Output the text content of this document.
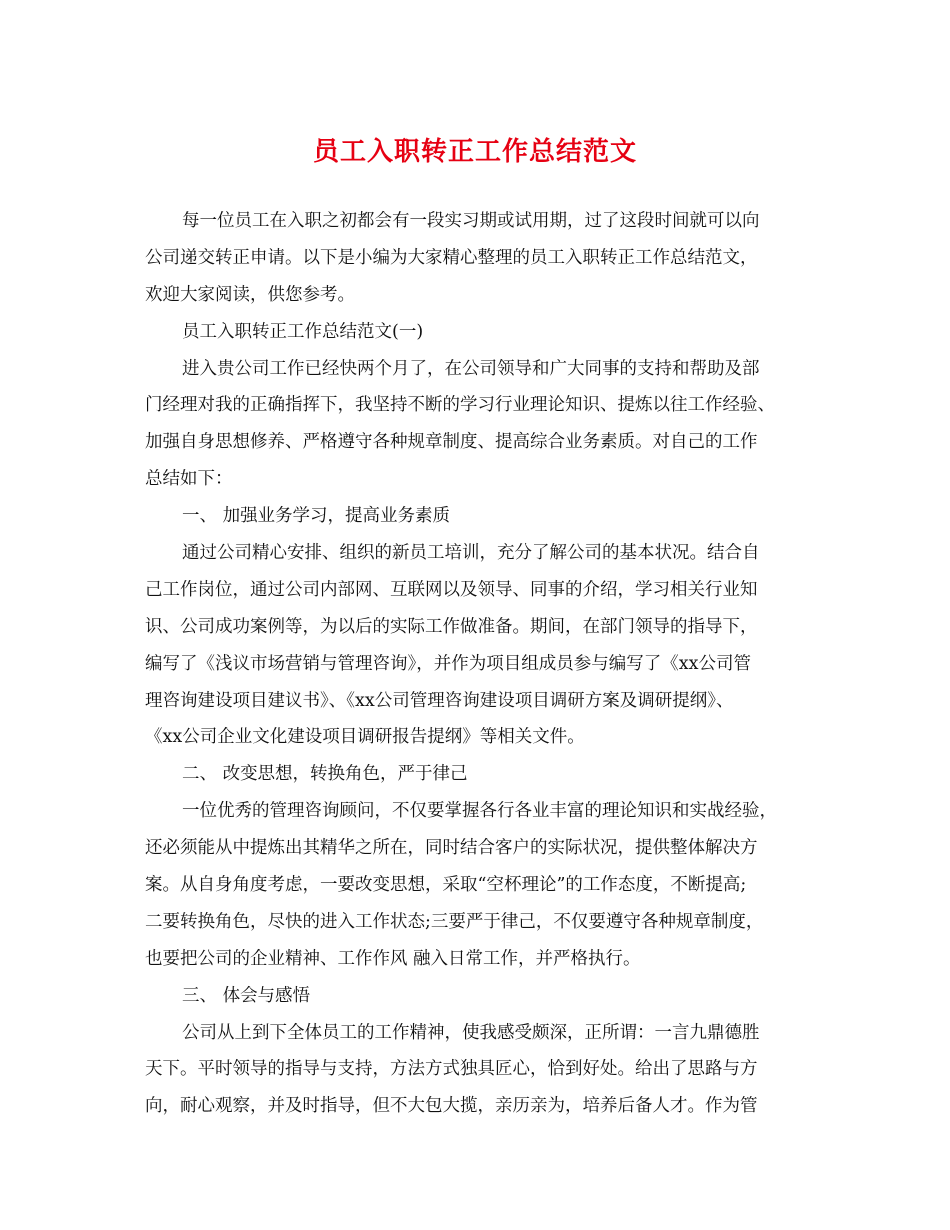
员工入职转正工作总结范文
每一位员工在入职之初都会有一段实习期或试用期，过了这段时间就可以向
公司递交转正申请。以下是小编为大家精心整理的员工入职转正工作总结范文，
欢迎大家阅读，供您参考。
员工入职转正工作总结范文(一)
进入贵公司工作已经快两个月了，在公司领导和广大同事的支持和帮助及部
门经理对我的正确指挥下，我坚持不断的学习行业理论知识、提炼以往工作经验、
加强自身思想修养、严格遵守各种规章制度、提高综合业务素质。对自己的工作
总结如下：
一、 加强业务学习，提高业务素质
通过公司精心安排、组织的新员工培训，充分了解公司的基本状况。结合自
己工作岗位，通过公司内部网、互联网以及领导、同事的介绍，学习相关行业知
识、公司成功案例等，为以后的实际工作做准备。期间，在部门领导的指导下，
编写了《浅议市场营销与管理咨询》，并作为项目组成员参与编写了《xx公司管
理咨询建设项目建议书》、《xx公司管理咨询建设项目调研方案及调研提纲》、
《xx公司企业文化建设项目调研报告提纲》等相关文件。
二、 改变思想，转换角色，严于律己
一位优秀的管理咨询顾问，不仅要掌握各行各业丰富的理论知识和实战经验，
还必须能从中提炼出其精华之所在，同时结合客户的实际状况，提供整体解决方
案。从自身角度考虑，一要改变思想，采取“空杯理论”的工作态度，不断提高;
二要转换角色，尽快的进入工作状态;三要严于律己，不仅要遵守各种规章制度，
也要把公司的企业精神、工作作风 融入日常工作，并严格执行。
三、 体会与感悟
公司从上到下全体员工的工作精神，使我感受颇深，正所谓：一言九鼎德胜
天下。平时领导的指导与支持，方法方式独具匠心，恰到好处。给出了思路与方
向，耐心观察，并及时指导，但不大包大揽，亲历亲为，培养后备人才。作为管
